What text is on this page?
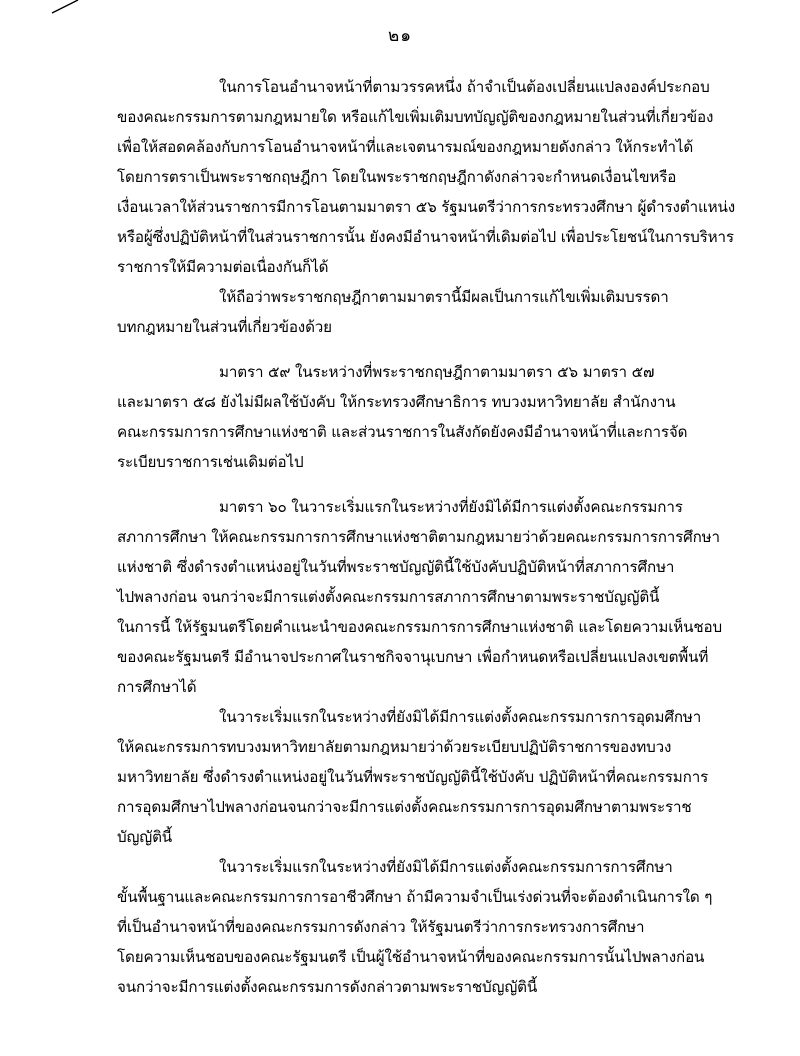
๒๑
ในการโอนอำนาจหน้าที่ตามวรรคหนึ่ง ถ้าจำเป็นต้องเปลี่ยนแปลงองค์ประกอบ
ของคณะกรรมการตามกฎหมายใด หรือแก้ไขเพิ่มเติมบทบัญญัติของกฎหมายในส่วนที่เกี่ยวข้อง
เพื่อให้สอดคล้องกับการโอนอำนาจหน้าที่และเจตนารมณ์ของกฎหมายดังกล่าว ให้กระทำได้
โดยการตราเป็นพระราชกฤษฎีกา โดยในพระราชกฤษฎีกาดังกล่าวจะกำหนดเงื่อนไขหรือ
เงื่อนเวลาให้ส่วนราชการมีการโอนตามมาตรา ๕๖ รัฐมนตรีว่าการกระทรวงศึกษา ผู้ดำรงตำแหน่ง
หรือผู้ซึ่งปฏิบัติหน้าที่ในส่วนราชการนั้น ยังคงมีอำนาจหน้าที่เดิมต่อไป เพื่อประโยชน์ในการบริหาร
ราชการให้มีความต่อเนื่องกันก็ได้
ให้ถือว่าพระราชกฤษฎีกาตามมาตรานี้มีผลเป็นการแก้ไขเพิ่มเติมบรรดา
บทกฎหมายในส่วนที่เกี่ยวข้องด้วย
มาตรา ๕๙ ในระหว่างที่พระราชกฤษฎีกาตามมาตรา ๕๖ มาตรา ๕๗
และมาตรา ๕๘ ยังไม่มีผลใช้บังคับ ให้กระทรวงศึกษาธิการ ทบวงมหาวิทยาลัย สำนักงาน
คณะกรรมการการศึกษาแห่งชาติ และส่วนราชการในสังกัดยังคงมีอำนาจหน้าที่และการจัด
ระเบียบราชการเช่นเดิมต่อไป
มาตรา ๖๐ ในวาระเริ่มแรกในระหว่างที่ยังมิได้มีการแต่งตั้งคณะกรรมการ
สภาการศึกษา ให้คณะกรรมการการศึกษาแห่งชาติตามกฎหมายว่าด้วยคณะกรรมการการศึกษา
แห่งชาติ ซึ่งดำรงตำแหน่งอยู่ในวันที่พระราชบัญญัตินี้ใช้บังคับปฏิบัติหน้าที่สภาการศึกษา
ไปพลางก่อน จนกว่าจะมีการแต่งตั้งคณะกรรมการสภาการศึกษาตามพระราชบัญญัตินี้
ในการนี้ ให้รัฐมนตรีโดยคำแนะนำของคณะกรรมการการศึกษาแห่งชาติ และโดยความเห็นชอบ
ของคณะรัฐมนตรี มีอำนาจประกาศในราชกิจจานุเบกษา เพื่อกำหนดหรือเปลี่ยนแปลงเขตพื้นที่
การศึกษาได้
ในวาระเริ่มแรกในระหว่างที่ยังมิได้มีการแต่งตั้งคณะกรรมการการอุดมศึกษา
ให้คณะกรรมการทบวงมหาวิทยาลัยตามกฎหมายว่าด้วยระเบียบปฏิบัติราชการของทบวง
มหาวิทยาลัย ซึ่งดำรงตำแหน่งอยู่ในวันที่พระราชบัญญัตินี้ใช้บังคับ ปฏิบัติหน้าที่คณะกรรมการ
การอุดมศึกษาไปพลางก่อนจนกว่าจะมีการแต่งตั้งคณะกรรมการการอุดมศึกษาตามพระราช
บัญญัตินี้
ในวาระเริ่มแรกในระหว่างที่ยังมิได้มีการแต่งตั้งคณะกรรมการการศึกษา
ขั้นพื้นฐานและคณะกรรมการการอาชีวศึกษา ถ้ามีความจำเป็นเร่งด่วนที่จะต้องดำเนินการใด ๆ
ที่เป็นอำนาจหน้าที่ของคณะกรรมการดังกล่าว ให้รัฐมนตรีว่าการกระทรวงการศึกษา
โดยความเห็นชอบของคณะรัฐมนตรี เป็นผู้ใช้อำนาจหน้าที่ของคณะกรรมการนั้นไปพลางก่อน
จนกว่าจะมีการแต่งตั้งคณะกรรมการดังกล่าวตามพระราชบัญญัตินี้
